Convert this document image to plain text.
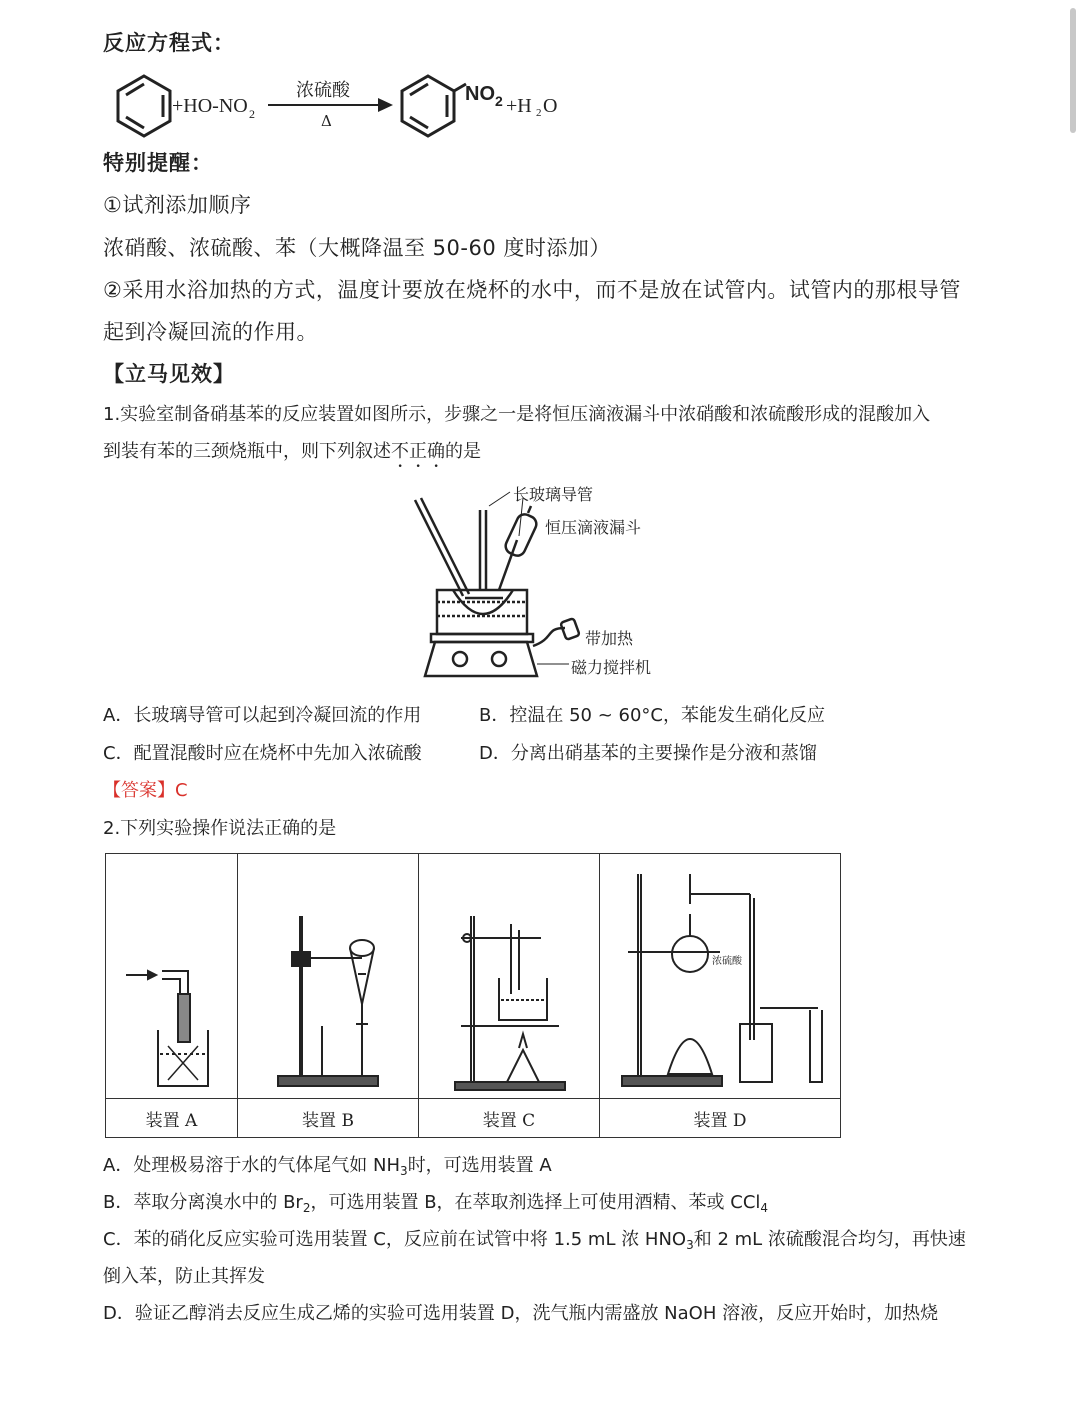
反应方程式：
+HO-NO 2
浓硫酸
Δ
NO 2 +H 2 O
特别提醒：
①试剂添加顺序
浓硝酸、浓硫酸、苯（大概降温至 50-60 度时添加）
②采用水浴加热的方式，温度计要放在烧杯的水中，而不是放在试管内。试管内的那根导管
起到冷凝回流的作用。
【立马见效】
1.实验室制备硝基苯的反应装置如图所示，步骤之一是将恒压滴液漏斗中浓硝酸和浓硫酸形成的混酸加入
到装有苯的三颈烧瓶中，则下列叙述不正确的是
长玻璃导管
恒压滴液漏斗
带加热
磁力搅拌机
A．长玻璃导管可以起到冷凝回流的作用	B．控温在 50 ~ 60°C，苯能发生硝化反应
C．配置混酸时应在烧杯中先加入浓硫酸	D．分离出硝基苯的主要操作是分液和蒸馏
【答案】C
2.下列实验操作说法正确的是

浓硫酸

装置 A	装置 B	装置 C	装置 D
A．处理极易溶于水的气体尾气如 $NH_3$时，可选用装置 A
B．萃取分离溴水中的 $Br_2$，可选用装置 B，在萃取剂选择上可使用酒精、苯或 CCl$_4$
C．苯的硝化反应实验可选用装置 C，反应前在试管中将 1.5 mL 浓 $HNO_3$和 2 mL 浓硫酸混合均匀，再快速
倒入苯，防止其挥发
D．验证乙醇消去反应生成乙烯的实验可选用装置 D，洗气瓶内需盛放 NaOH 溶液，反应开始时，加热烧
